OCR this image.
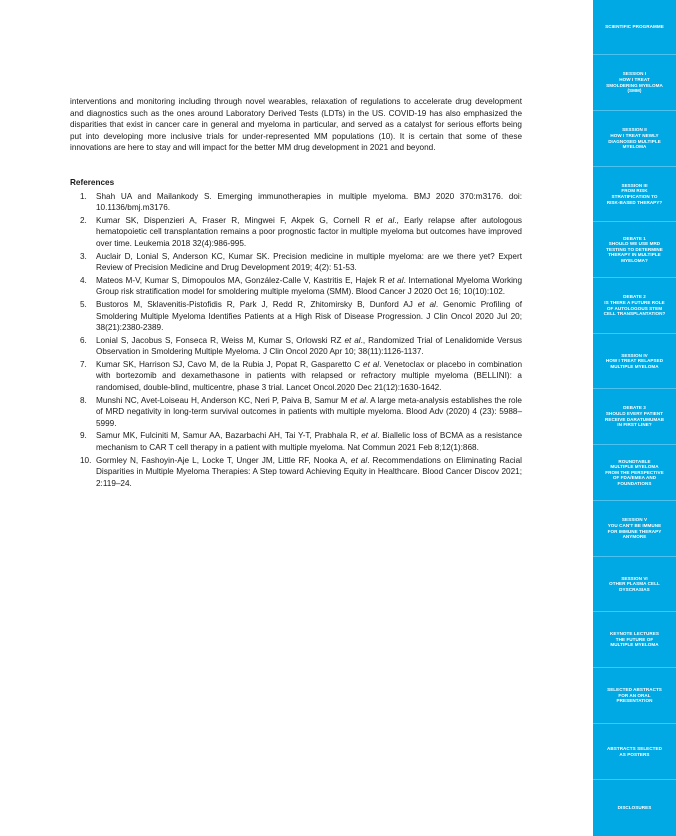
interventions and monitoring including through novel wearables, relaxation of regulations to accelerate drug development and diagnostics such as the ones around Laboratory Derived Tests (LDTs) in the US. COVID-19 has also emphasized the disparities that exist in cancer care in general and myeloma in particular, and served as a catalyst for serious efforts being put into developing more inclusive trials for under-represented MM populations (10). It is certain that some of these innovations are here to stay and will impact for the better MM drug development in 2021 and beyond.

References
1. Shah UA and Mailankody S. Emerging immunotherapies in multiple myeloma. BMJ 2020 370:m3176. doi: 10.1136/bmj.m3176.
2. Kumar SK, Dispenzieri A, Fraser R, Mingwei F, Akpek G, Cornell R et al., Early relapse after autologous hematopoietic cell transplantation remains a poor prognostic factor in multiple myeloma but outcomes have improved over time. Leukemia 2018 32(4):986-995.
3. Auclair D, Lonial S, Anderson KC, Kumar SK. Precision medicine in multiple myeloma: are we there yet? Expert Review of Precision Medicine and Drug Development 2019; 4(2): 51-53.
4. Mateos M-V, Kumar S, Dimopoulos MA, González-Calle V, Kastritis E, Hajek R et al. International Myeloma Working Group risk stratification model for smoldering multiple myeloma (SMM). Blood Cancer J 2020 Oct 16; 10(10):102.
5. Bustoros M, Sklavenitis-Pistofidis R, Park J, Redd R, Zhitomirsky B, Dunford AJ et al. Genomic Profiling of Smoldering Multiple Myeloma Identifies Patients at a High Risk of Disease Progression. J Clin Oncol 2020 Jul 20; 38(21):2380-2389.
6. Lonial S, Jacobus S, Fonseca R, Weiss M, Kumar S, Orlowski RZ et al., Randomized Trial of Lenalidomide Versus Observation in Smoldering Multiple Myeloma. J Clin Oncol 2020 Apr 10; 38(11):1126-1137.
7. Kumar SK, Harrison SJ, Cavo M, de la Rubia J, Popat R, Gasparetto C et al. Venetoclax or placebo in combination with bortezomib and dexamethasone in patients with relapsed or refractory multiple myeloma (BELLINI): a randomised, double-blind, multicentre, phase 3 trial. Lancet Oncol.2020 Dec 21(12):1630-1642.
8. Munshi NC, Avet-Loiseau H, Anderson KC, Neri P, Paiva B, Samur M et al. A large meta-analysis establishes the role of MRD negativity in long-term survival outcomes in patients with multiple myeloma. Blood Adv (2020) 4 (23): 5988–5999.
9. Samur MK, Fulciniti M, Samur AA, Bazarbachi AH, Tai Y-T, Prabhala R, et al. Biallelic loss of BCMA as a resistance mechanism to CAR T cell therapy in a patient with multiple myeloma. Nat Commun 2021 Feb 8;12(1):868.
10. Gormley N, Fashoyin-Aje L, Locke T, Unger JM, Little RF, Nooka A, et al. Recommendations on Eliminating Racial Disparities in Multiple Myeloma Therapies: A Step toward Achieving Equity in Healthcare. Blood Cancer Discov 2021; 2:119–24.
SCIENTIFIC PROGRAMME
SESSION I
HOW I TREAT
SMOLDERING MYELOMA
(SMM)
SESSION II
HOW I TREAT NEWLY
DIAGNOSED MULTIPLE
MYELOMA
SESSION III
FROM RISK
STRATIFICATION TO
RISK-BASED THERAPY?
DEBATE 1
SHOULD WE USE MRD
TESTING TO DETERMINE
THERAPY IN MULTIPLE
MYELOMA?
DEBATE 2
IS THERE A FUTURE ROLE
OF AUTOLOGOUS STEM
CELL TRANSPLANTATION?
SESSION IV
HOW I TREAT RELAPSED
MULTIPLE MYELOMA
DEBATE 3
SHOULD EVERY PATIENT
RECEIVE DARATUMUMAB
IN FIRST LINE?
ROUNDTABLE
MULTIPLE MYELOMA
FROM THE PERSPECTIVE
OF FDA/EMEA AND
FOUNDATIONS
SESSION V
YOU CAN'T BE IMMUNE
FOR IMMUNE THERAPY
ANYMORE
SESSION VI
OTHER PLASMA CELL
DYSCRASIAS
KEYNOTE LECTURES
THE FUTURE OF
MULTIPLE MYELOMA
SELECTED ABSTRACTS
FOR AN ORAL
PRESENTATION
ABSTRACTS SELECTED
AS POSTERS
DISCLOSURES
